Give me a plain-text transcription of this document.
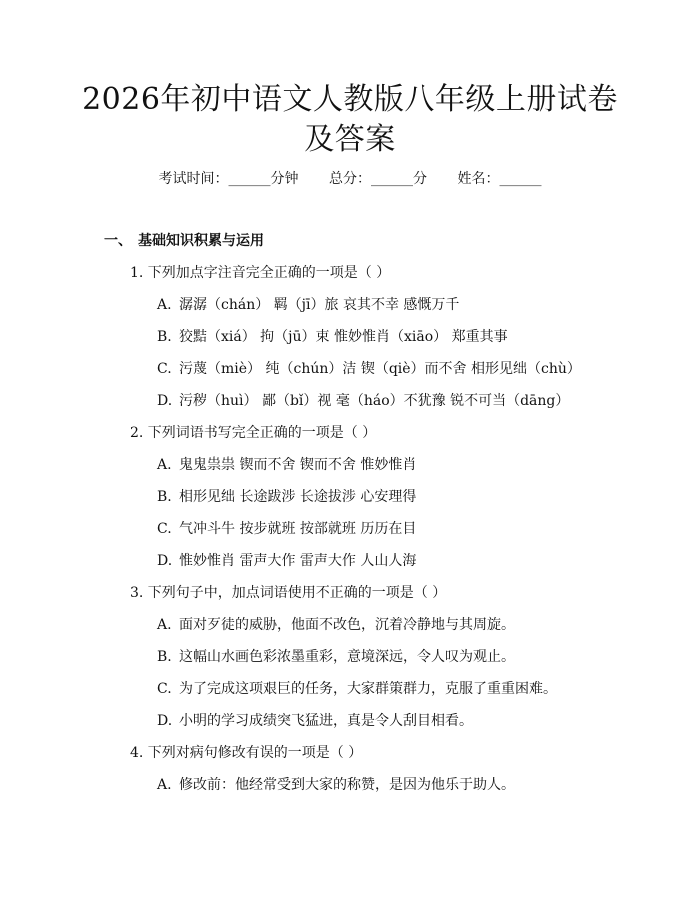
2026年初中语文人教版八年级上册试卷及答案
考试时间：______分钟 总分：______分 姓名：______
一、 基础知识积累与运用
1. 下列加点字注音完全正确的一项是（ ）
A. 潺潺（chán） 羁（jī）旅 哀其不幸 感慨万千
B. 狡黠（xiá） 拘（jū）束 惟妙惟肖（xiāo） 郑重其事
C. 污蔑（miè） 纯（chún）洁 锲（qiè）而不舍 相形见绌（chù）
D. 污秽（huì） 鄙（bǐ）视 毫（háo）不犹豫 锐不可当（dāng）
2. 下列词语书写完全正确的一项是（ ）
A. 鬼鬼祟祟 锲而不舍 锲而不舍 惟妙惟肖
B. 相形见绌 长途跋涉 长途拔涉 心安理得
C. 气冲斗牛 按步就班 按部就班 历历在目
D. 惟妙惟肖 雷声大作 雷声大作 人山人海
3. 下列句子中，加点词语使用不正确的一项是（ ）
A. 面对歹徒的威胁，他面不改色，沉着冷静地与其周旋。
B. 这幅山水画色彩浓墨重彩，意境深远，令人叹为观止。
C. 为了完成这项艰巨的任务，大家群策群力，克服了重重困难。
D. 小明的学习成绩突飞猛进，真是令人刮目相看。
4. 下列对病句修改有误的一项是（ ）
A. 修改前：他经常受到大家的称赞，是因为他乐于助人。
